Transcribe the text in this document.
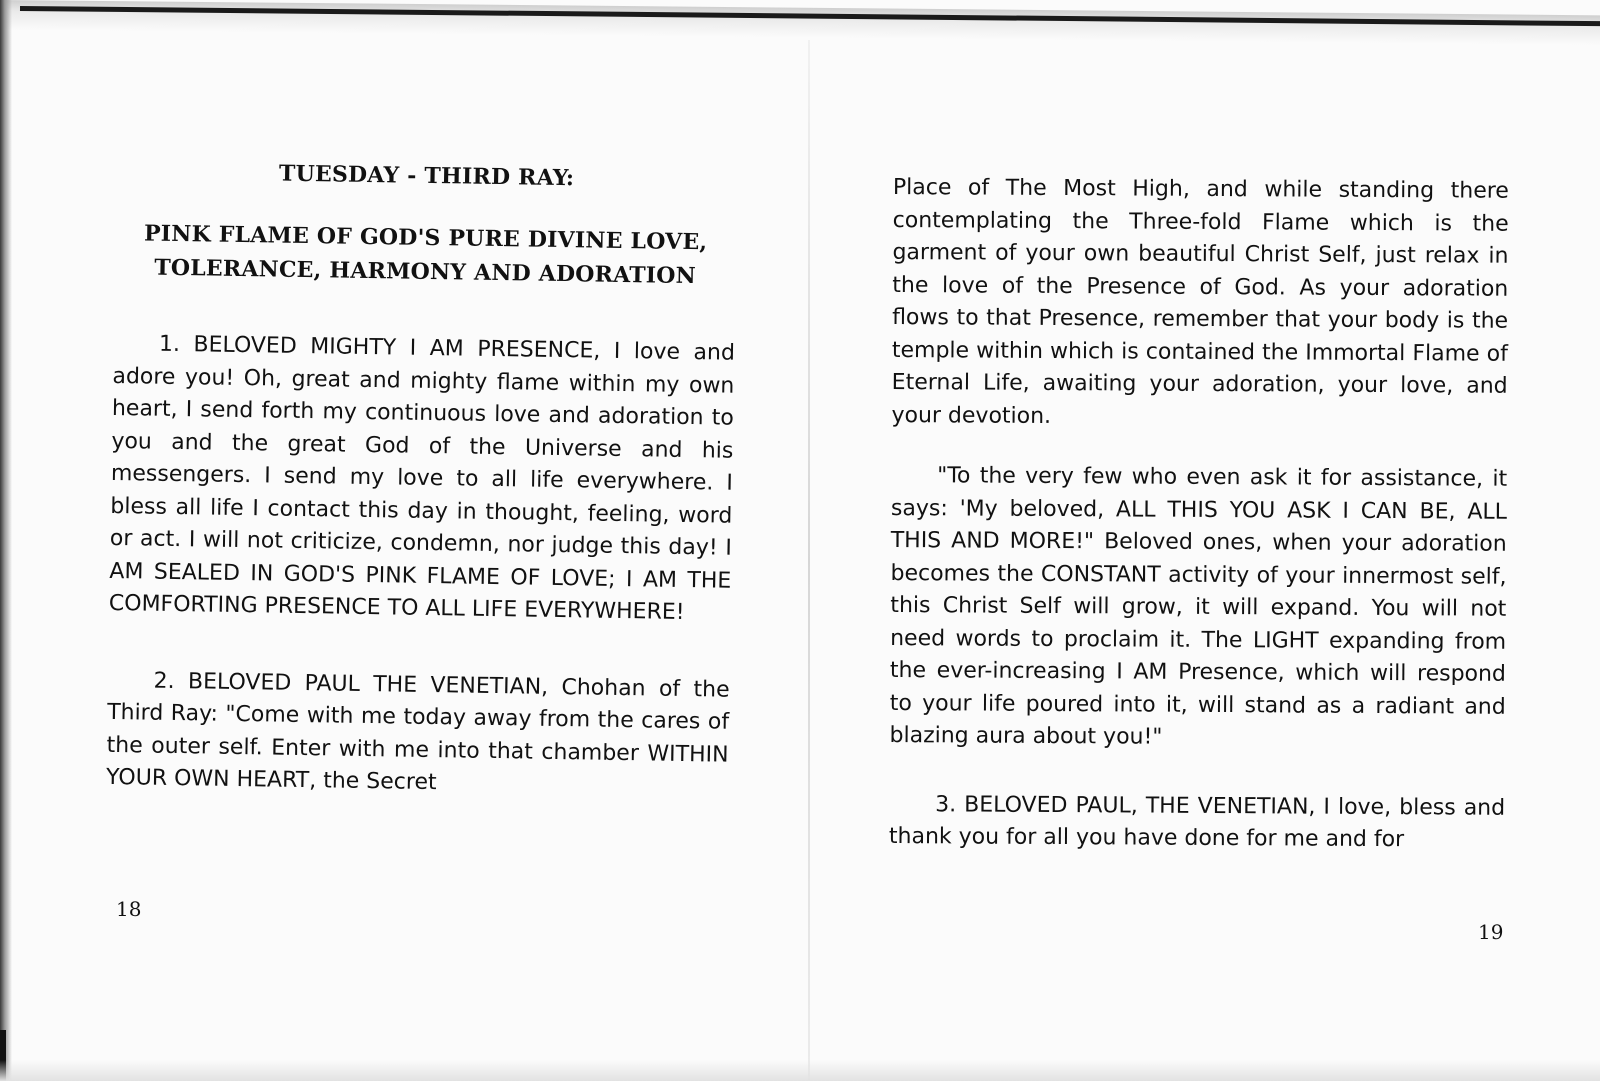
TUESDAY - THIRD RAY:
PINK FLAME OF GOD'S PURE DIVINE LOVE, TOLERANCE, HARMONY AND ADORATION

1. BELOVED MIGHTY I AM PRESENCE, I love and adore you! Oh, great and mighty flame within my own heart, I send forth my continuous love and adoration to you and the great God of the Universe and his messengers. I send my love to all life everywhere. I bless all life I contact this day in thought, feeling, word or act. I will not criticize, condemn, nor judge this day! I AM SEALED IN GOD'S PINK FLAME OF LOVE; I AM THE COMFORTING PRESENCE TO ALL LIFE EVERYWHERE!

2. BELOVED PAUL THE VENETIAN, Chohan of the Third Ray: "Come with me today away from the cares of the outer self. Enter with me into that chamber WITHIN YOUR OWN HEART, the Secret

Place of The Most High, and while standing there contemplating the Three-fold Flame which is the garment of your own beautiful Christ Self, just relax in the love of the Presence of God. As your adoration flows to that Presence, remember that your body is the temple within which is contained the Immortal Flame of Eternal Life, awaiting your adoration, your love, and your devotion.

"To the very few who even ask it for assistance, it says: 'My beloved, ALL THIS YOU ASK I CAN BE, ALL THIS AND MORE!" Beloved ones, when your adoration becomes the CONSTANT activity of your innermost self, this Christ Self will grow, it will expand. You will not need words to proclaim it. The LIGHT expanding from the ever-increasing I AM Presence, which will respond to your life poured into it, will stand as a radiant and blazing aura about you!"

3. BELOVED PAUL, THE VENETIAN, I love, bless and thank you for all you have done for me and for

18
19
